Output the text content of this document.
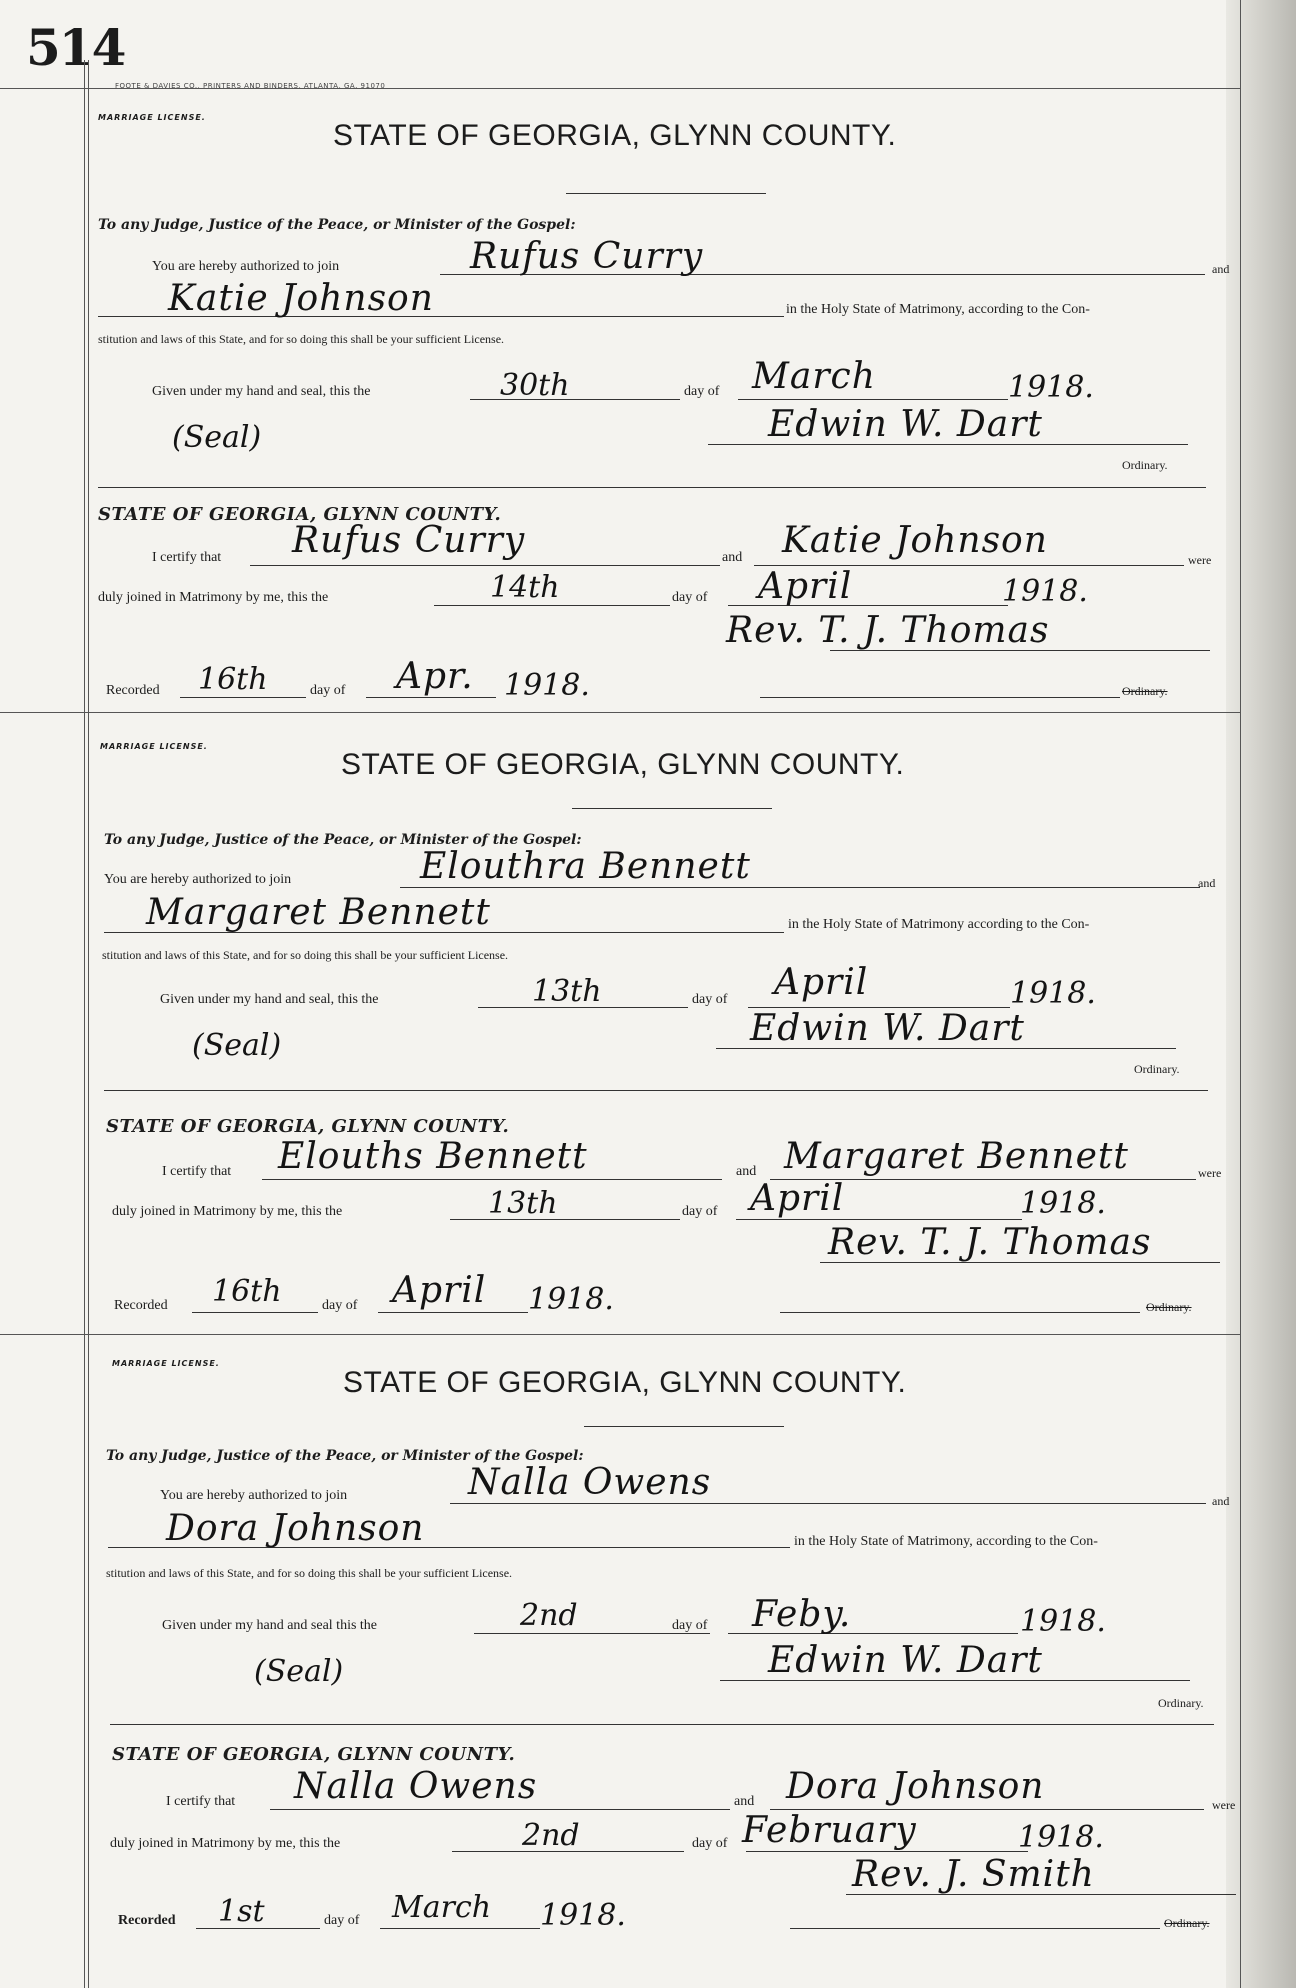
514
FOOTE & DAVIES CO., PRINTERS AND BINDERS, ATLANTA, GA. 91070
MARRIAGE LICENSE.
STATE OF GEORGIA, GLYNN COUNTY.
To any Judge, Justice of the Peace, or Minister of the Gospel:
You are hereby authorized to join	Rufus Curry	and
Katie Johnson	in the Holy State of Matrimony, according to the Con-
stitution and laws of this State, and for so doing this shall be your sufficient License.
Given under my hand and seal, this the	30th	day of March	1918.
(Seal)	Edwin W. Dart
Ordinary.
STATE OF GEORGIA, GLYNN COUNTY.
I certify that Rufus Curry	and Katie Johnson	were
duly joined in Matrimony by me, this the	14th	day of April	1918.
Rev. T. J. Thomas
Recorded 16th	day of Apr. 1918.	Ordinary.
MARRIAGE LICENSE.
STATE OF GEORGIA, GLYNN COUNTY.
To any Judge, Justice of the Peace, or Minister of the Gospel:
You are hereby authorized to join	Elouthra Bennett	and
Margaret Bennett	in the Holy State of Matrimony according to the Con-
stitution and laws of this State, and for so doing this shall be your sufficient License.
Given under my hand and seal, this the	13th	day of April	1918.
(Seal)	Edwin W. Dart
Ordinary.
STATE OF GEORGIA, GLYNN COUNTY.
I certify that Elouths Bennett	and Margaret Bennett	were
duly joined in Matrimony by me, this the	13th	day of April	1918.
Rev. T. J. Thomas
Recorded 16th	day of April 1918.	Ordinary.
MARRIAGE LICENSE.
STATE OF GEORGIA, GLYNN COUNTY.
To any Judge, Justice of the Peace, or Minister of the Gospel:
You are hereby authorized to join	Nalla Owens	and
Dora Johnson	in the Holy State of Matrimony, according to the Con-
stitution and laws of this State, and for so doing this shall be your sufficient License.
Given under my hand and seal this the	2nd	day of Feby.	1918.
(Seal)	Edwin W. Dart
Ordinary.
STATE OF GEORGIA, GLYNN COUNTY.
I certify that Nalla Owens	and Dora Johnson	were
duly joined in Matrimony by me, this the	2nd	day of February	1918.
Rev. J. Smith
Recorded 1st	day of March 1918.	Ordinary.
